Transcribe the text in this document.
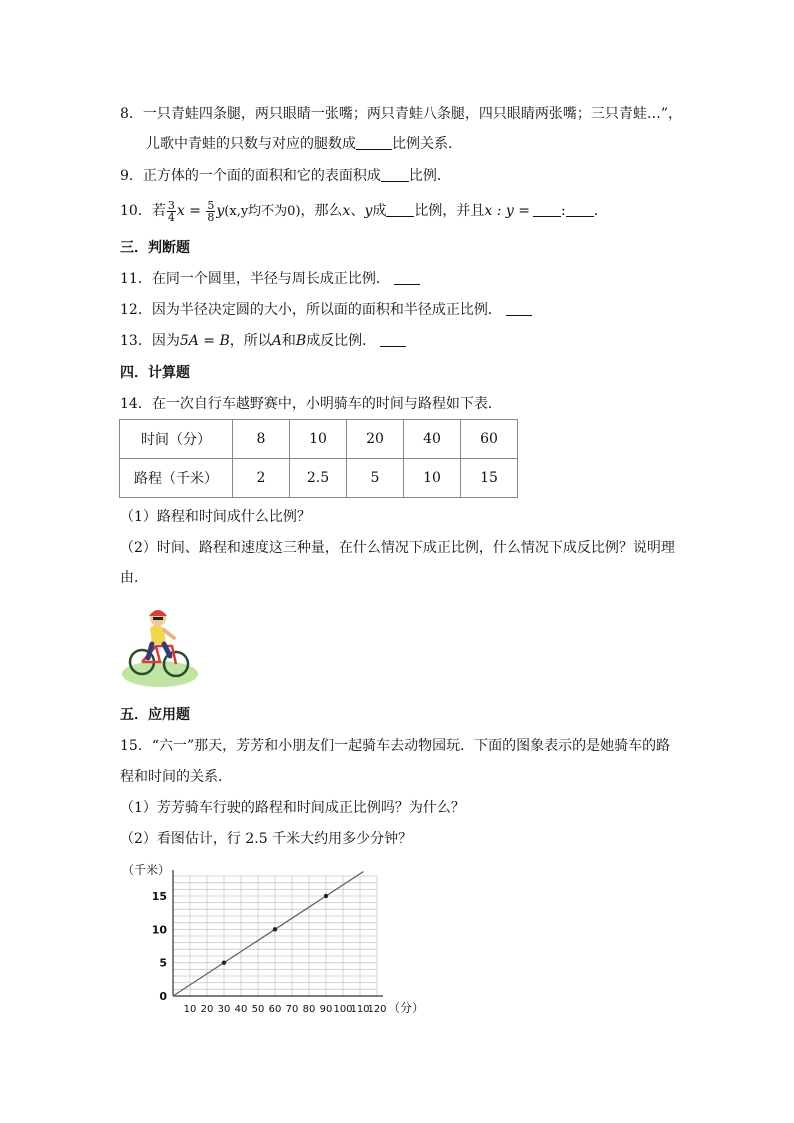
8．一只青蛙四条腿，两只眼睛一张嘴；两只青蛙八条腿，四只眼睛两张嘴；三只青蛙…”，
儿歌中青蛙的只数与对应的腿数成	比例关系．
9．正方体的一个面的面积和它的表面积成 比例．
10．若 $\frac{3}{4}$ $x = \frac{5}{8} y(x,y$均不为0)，那么x、y成 比例，并且x : y = : ．
三．判断题
11．在同一个圆里，半径与周长成正比例．
12．因为半径决定圆的大小，所以面的面积和半径成正比例．
13．因为5A = B，所以A和B成反比例．
四．计算题
14．在一次自行车越野赛中，小明骑车的时间与路程如下表．
时间（分）	8	10	20	40	60
路程（千米）	2	2.5	5	10	15
（1）路程和时间成什么比例？
（2）时间、路程和速度这三种量，在什么情况下成正比例，什么情况下成反比例？说明理
由．
五．应用题
15．“六一”那天，芳芳和小朋友们一起骑车去动物园玩．下面的图象表示的是她骑车的路
程和时间的关系．
（1）芳芳骑车行驶的路程和时间成正比例吗？为什么？
（2）看图估计，行 2.5 千米大约用多少分钟？
10 20 30 40 50 60 70 80 90 100
110
120
0
5
10
15
（千米）
（分）
